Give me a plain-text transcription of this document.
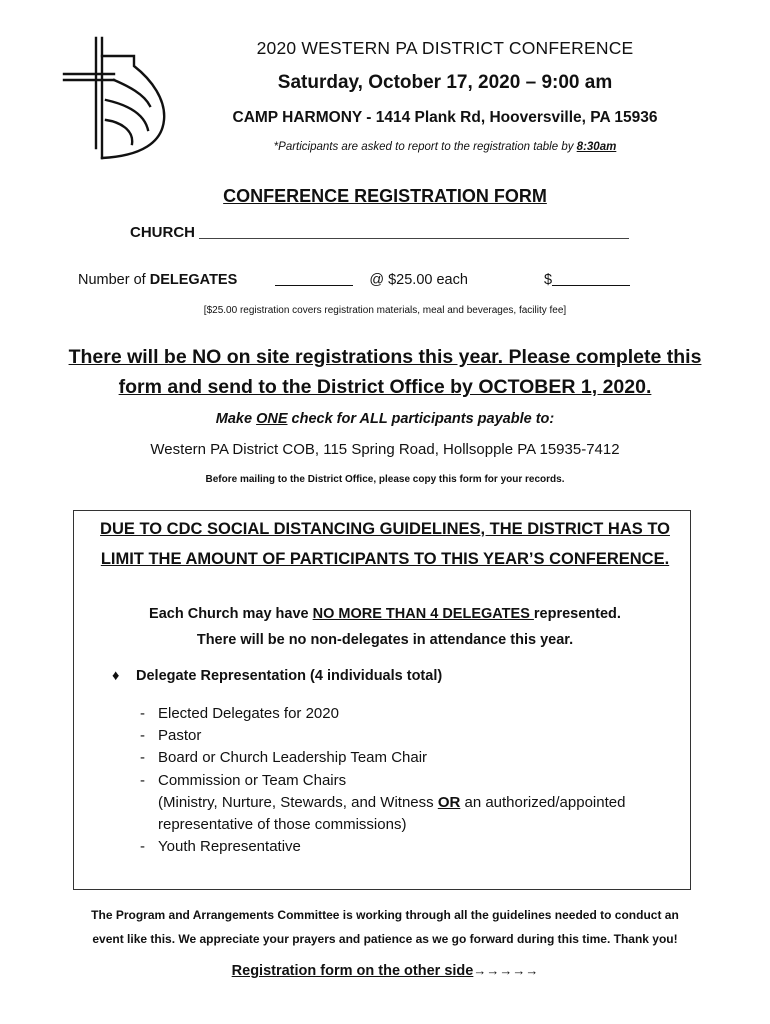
2020 WESTERN PA DISTRICT CONFERENCE
Saturday, October 17, 2020 – 9:00 am
CAMP HARMONY - 1414 Plank Rd, Hooversville, PA 15936
*Participants are asked to report to the registration table by 8:30am
CONFERENCE REGISTRATION FORM
CHURCH
Number of DELEGATES	@ $25.00 each	$
[$25.00 registration covers registration materials, meal and beverages, facility fee]
There will be NO on site registrations this year. Please complete this
form and send to the District Office by OCTOBER 1, 2020.
Make ONE check for ALL participants payable to:
Western PA District COB, 115 Spring Road, Hollsopple PA 15935-7412
Before mailing to the District Office, please copy this form for your records.
DUE TO CDC SOCIAL DISTANCING GUIDELINES, THE DISTRICT HAS TO
LIMIT THE AMOUNT OF PARTICIPANTS TO THIS YEAR’S CONFERENCE.
Each Church may have NO MORE THAN 4 DELEGATES represented.
There will be no non-delegates in attendance this year.
♦ Delegate Representation (4 individuals total)
- Elected Delegates for 2020
- Pastor
- Board or Church Leadership Team Chair
- Commission or Team Chairs
(Ministry, Nurture, Stewards, and Witness OR an authorized/appointed
representative of those commissions)
- Youth Representative
The Program and Arrangements Committee is working through all the guidelines needed to conduct an
event like this. We appreciate your prayers and patience as we go forward during this time. Thank you!
Registration form on the other side→→→→→
